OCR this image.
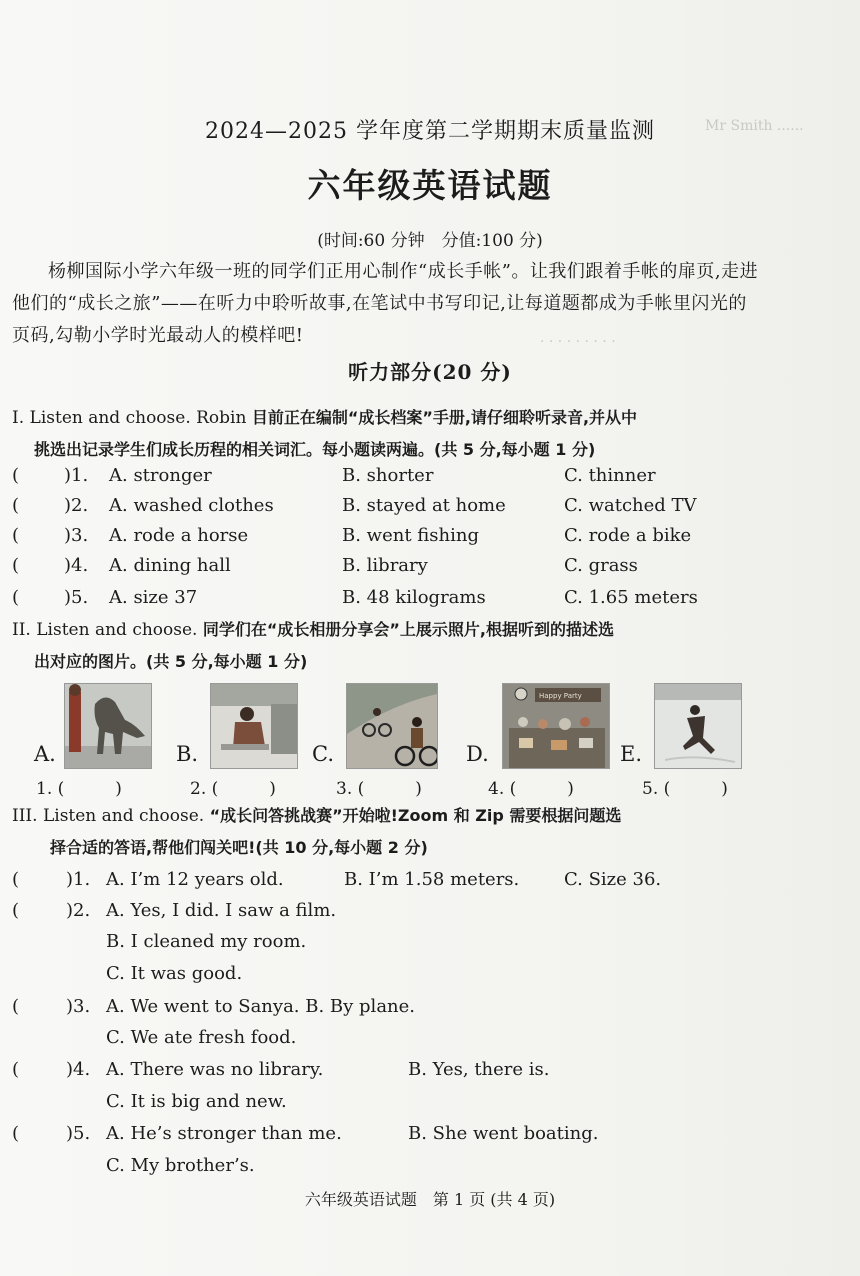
Mr Smith ......
. . . . . . . . .
2024—2025 学年度第二学期期末质量监测
六年级英语试题
(时间:60 分钟　分值:100 分)
杨柳国际小学六年级一班的同学们正用心制作“成长手帐”。让我们跟着手帐的扉页,走进他们的“成长之旅”——在听力中聆听故事,在笔试中书写印记,让每道题都成为手帐里闪光的页码,勾勒小学时光最动人的模样吧!
听力部分(20 分)
I. Listen and choose. Robin 目前正在编制“成长档案”手册,请仔细聆听录音,并从中
挑选出记录学生们成长历程的相关词汇。每小题读两遍。(共 5 分,每小题 1 分)
( )1. A. stronger	B. shorter	C. thinner
( )2. A. washed clothes	B. stayed at home	C. watched TV
( )3. A. rode a horse	B. went fishing	C. rode a bike
( )4. A. dining hall	B. library	C. grass
( )5. A. size 37	B. 48 kilograms	C. 1.65 meters
II. Listen and choose. 同学们在“成长相册分享会”上展示照片,根据听到的描述选
出对应的图片。(共 5 分,每小题 1 分)
Happy Party
A.	B.	C.	D.	E.
1. (　　　)	2. (　　　)	3. (　　　)	4. (　　　)	5. (　　　)
III. Listen and choose. “成长问答挑战赛”开始啦!Zoom 和 Zip 需要根据问题选
择合适的答语,帮他们闯关吧!(共 10 分,每小题 2 分)
(	)1. A. I’m 12 years old.	B. I’m 1.58 meters. C. Size 36.
(	)2. A. Yes, I did. I saw a film.
B. I cleaned my room.
C. It was good.
(	)3. A. We went to Sanya. B. By plane.
C. We ate fresh food.
(	)4. A. There was no library.	B. Yes, there is.
C. It is big and new.
(	)5. A. He’s stronger than me.	B. She went boating.
C. My brother’s.
六年级英语试题　第 1 页 (共 4 页)
